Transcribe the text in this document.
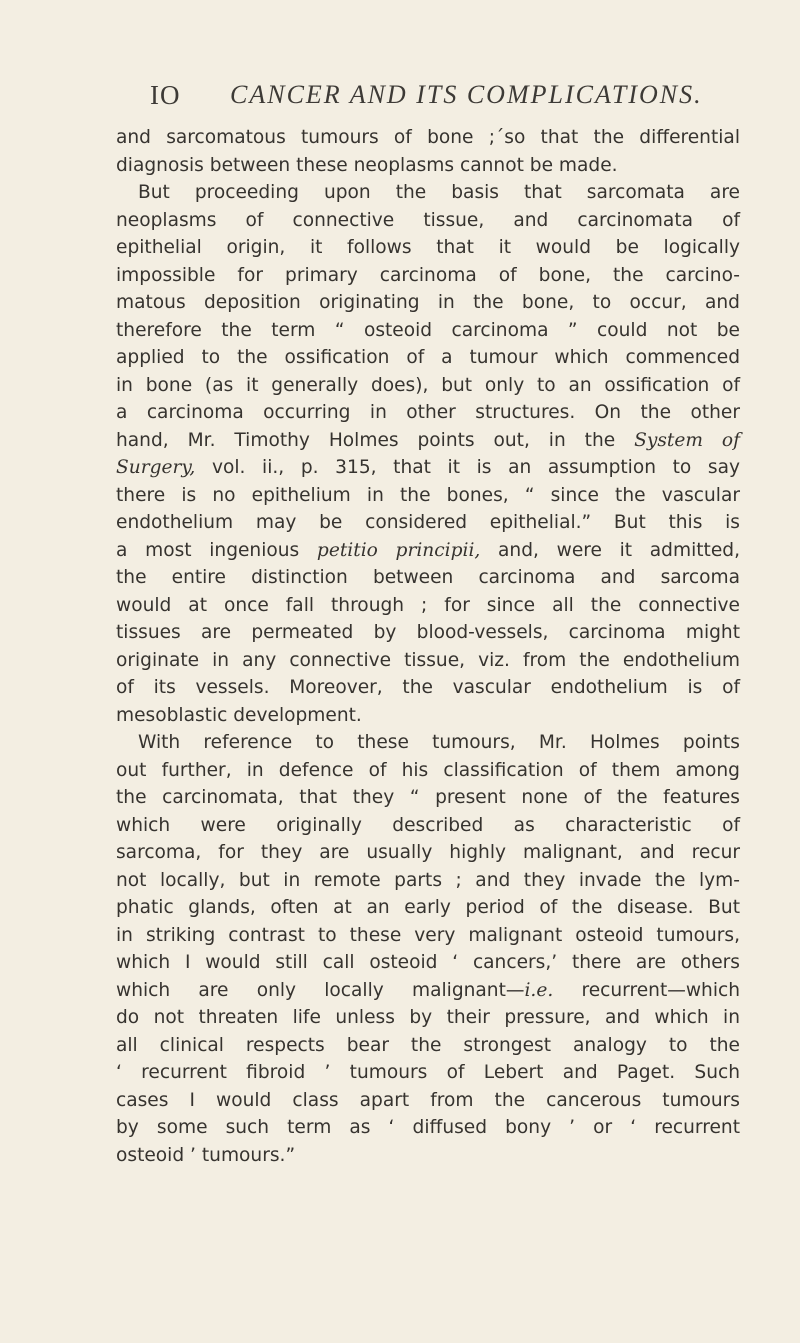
IO CANCER AND ITS COMPLICATIONS.
and sarcomatous tumours of bone ;´so that the differential
diagnosis between these neoplasms cannot be made.
But proceeding upon the basis that sarcomata are
neoplasms of connective tissue, and carcinomata of
epithelial origin, it follows that it would be logically
impossible for primary carcinoma of bone, the carcino-
matous deposition originating in the bone, to occur, and
therefore the term “ osteoid carcinoma ” could not be
applied to the ossification of a tumour which commenced
in bone (as it generally does), but only to an ossification of
a carcinoma occurring in other structures. On the other
hand, Mr. Timothy Holmes points out, in the System of
Surgery, vol. ii., p. 315, that it is an assumption to say
there is no epithelium in the bones, “ since the vascular
endothelium may be considered epithelial.” But this is
a most ingenious petitio principii, and, were it admitted,
the entire distinction between carcinoma and sarcoma
would at once fall through ; for since all the connective
tissues are permeated by blood-vessels, carcinoma might
originate in any connective tissue, viz. from the endothelium
of its vessels. Moreover, the vascular endothelium is of
mesoblastic development.
With reference to these tumours, Mr. Holmes points
out further, in defence of his classification of them among
the carcinomata, that they “ present none of the features
which were originally described as characteristic of
sarcoma, for they are usually highly malignant, and recur
not locally, but in remote parts ; and they invade the lym-
phatic glands, often at an early period of the disease. But
in striking contrast to these very malignant osteoid tumours,
which I would still call osteoid ‘ cancers,’ there are others
which are only locally malignant—i.e. recurrent—which
do not threaten life unless by their pressure, and which in
all clinical respects bear the strongest analogy to the
‘ recurrent fibroid ’ tumours of Lebert and Paget. Such
cases I would class apart from the cancerous tumours
by some such term as ‘ diffused bony ’ or ‘ recurrent
osteoid ’ tumours.”
